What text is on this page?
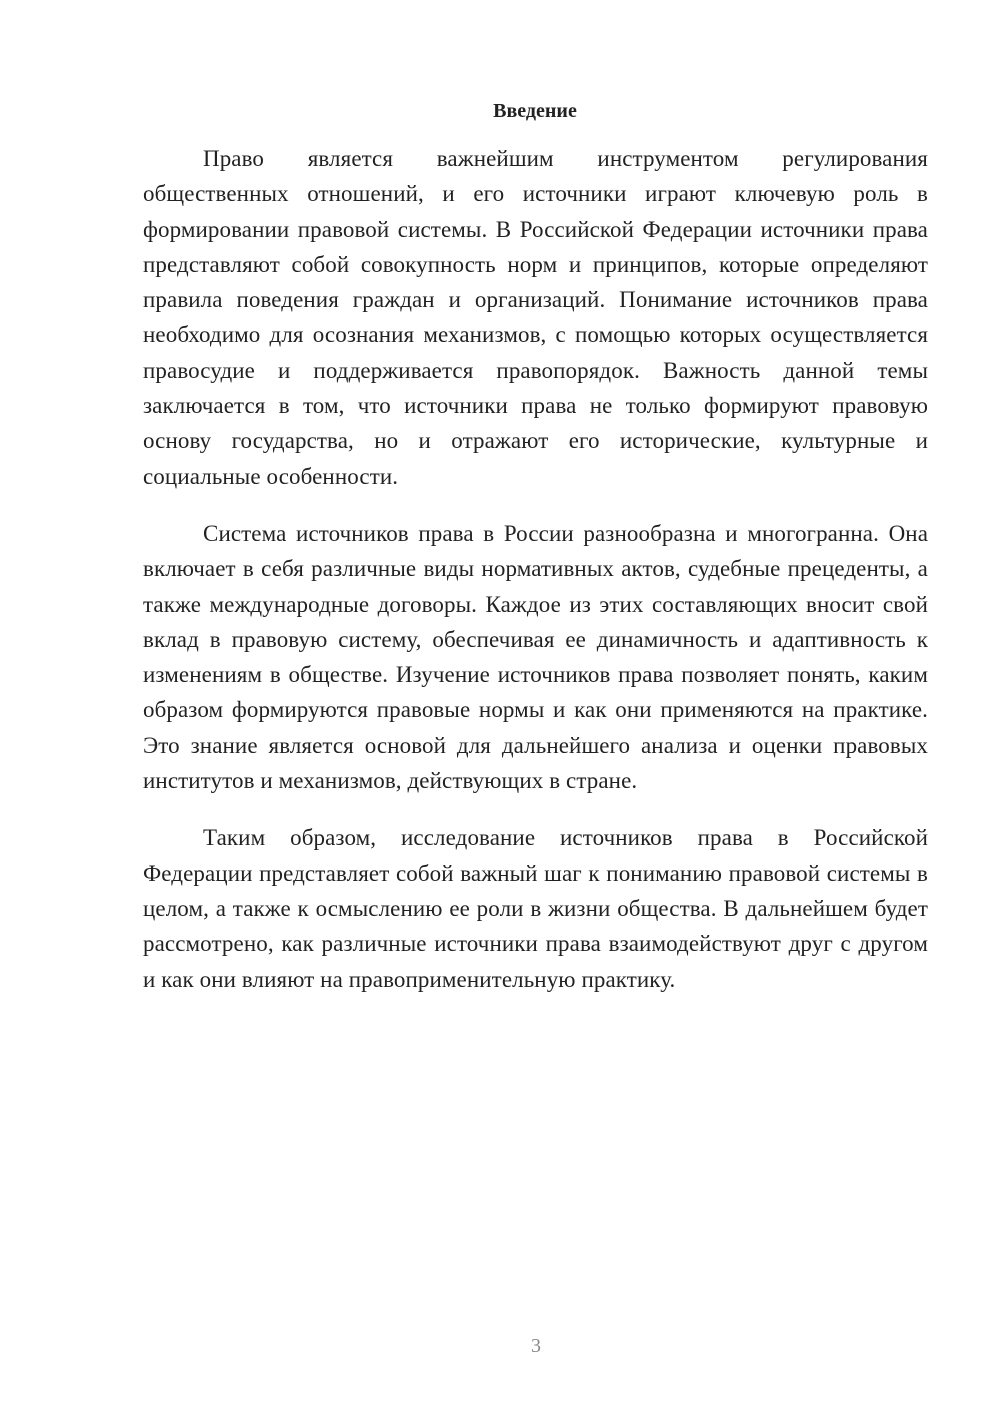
Введение

Право является важнейшим инструментом регулирования общественных отношений, и его источники играют ключевую роль в формировании правовой системы. В Российской Федерации источники права представляют собой совокупность норм и принципов, которые определяют правила поведения граждан и организаций. Понимание источников права необходимо для осознания механизмов, с помощью которых осуществляется правосудие и поддерживается правопорядок. Важность данной темы заключается в том, что источники права не только формируют правовую основу государства, но и отражают его исторические, культурные и социальные особенности.

Система источников права в России разнообразна и многогранна. Она включает в себя различные виды нормативных актов, судебные прецеденты, а также международные договоры. Каждое из этих составляющих вносит свой вклад в правовую систему, обеспечивая ее динамичность и адаптивность к изменениям в обществе. Изучение источников права позволяет понять, каким образом формируются правовые нормы и как они применяются на практике. Это знание является основой для дальнейшего анализа и оценки правовых институтов и механизмов, действующих в стране.

Таким образом, исследование источников права в Российской Федерации представляет собой важный шаг к пониманию правовой системы в целом, а также к осмыслению ее роли в жизни общества. В дальнейшем будет рассмотрено, как различные источники права взаимодействуют друг с другом и как они влияют на правоприменительную практику.

3
